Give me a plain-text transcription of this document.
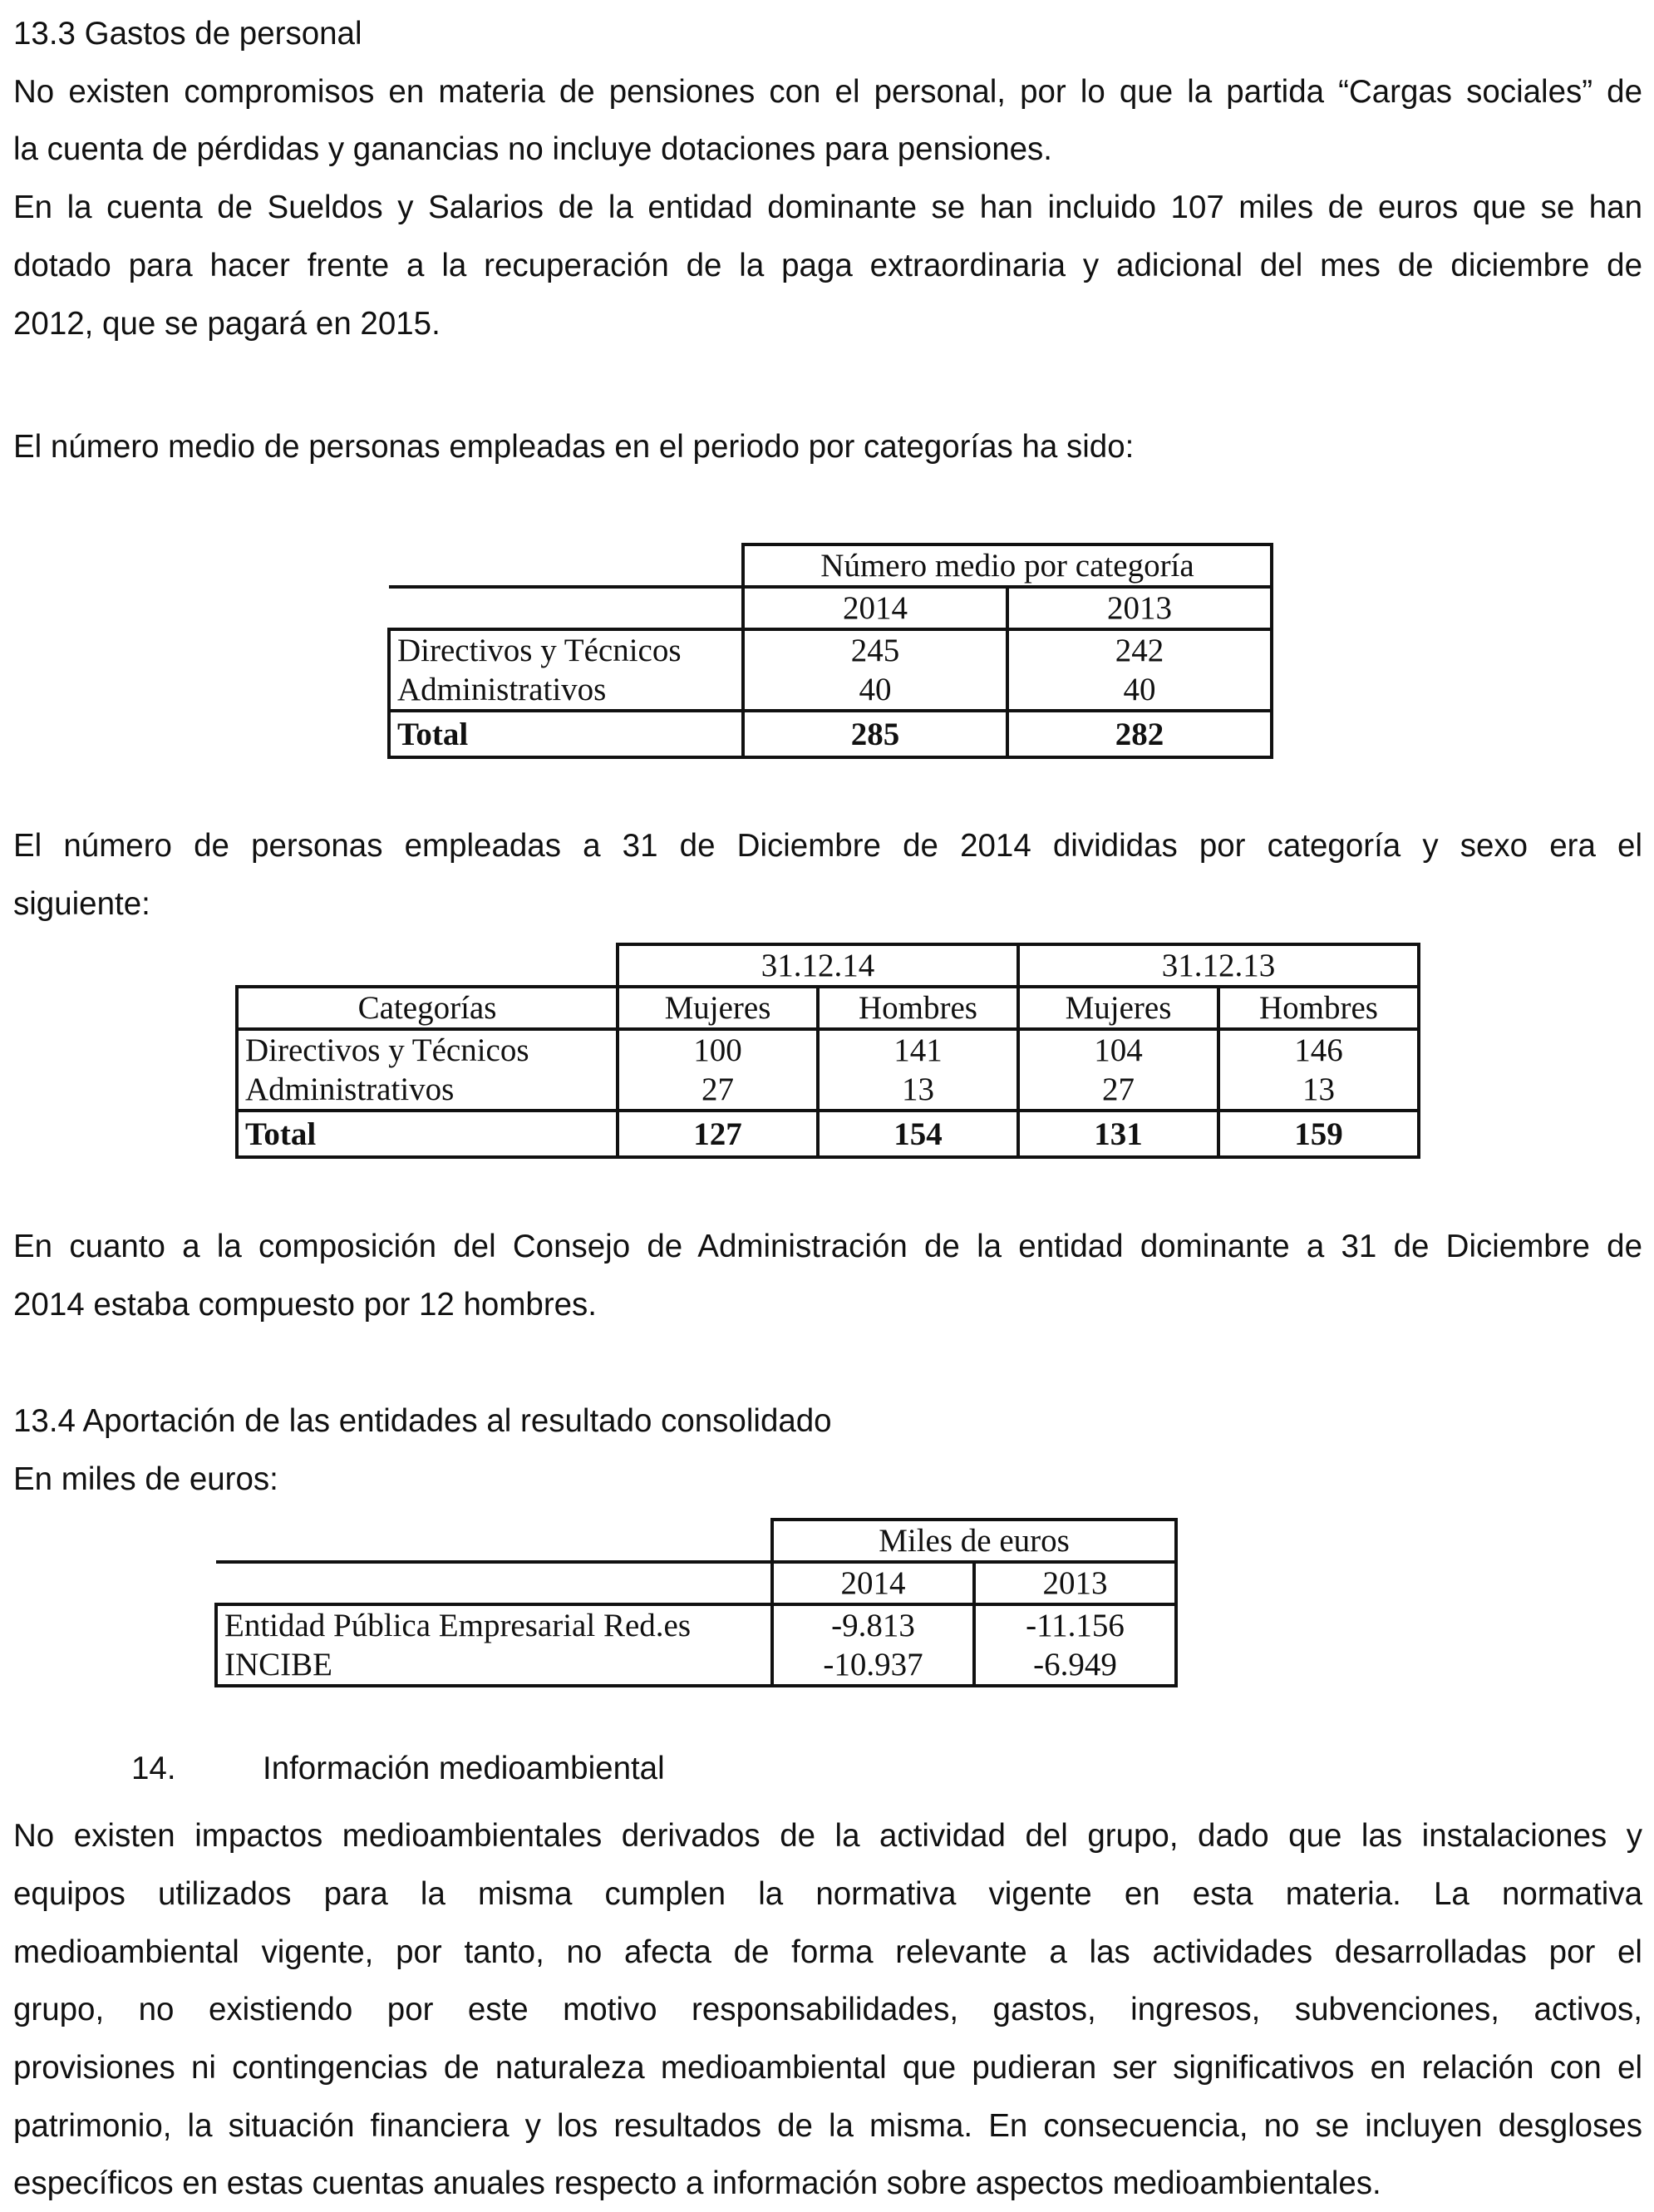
13.3 Gastos de personal
No existen compromisos en materia de pensiones con el personal, por lo que la partida “Cargas sociales” de
la cuenta de pérdidas y ganancias no incluye dotaciones para pensiones.
En la cuenta de Sueldos y Salarios de la entidad dominante se han incluido 107 miles de euros que se han
dotado para hacer frente a la recuperación de la paga extraordinaria y adicional del mes de diciembre de
2012, que se pagará en 2015.
El número medio de personas empleadas en el periodo por categorías ha sido:
	Número medio por categoría	
	2014	2013
Directivos y Técnicos	245	242
Administrativos	40	40
Total	285	282
El número de personas empleadas a 31 de Diciembre de 2014 divididas por categoría y sexo era el
siguiente:
	31.12.14		31.12.13	
Categorías	Mujeres	Hombres	Mujeres	Hombres
Directivos y Técnicos	100	141	104	146
Administrativos	27	13	27	13
Total	127	154	131	159
En cuanto a la composición del Consejo de Administración de la entidad dominante a 31 de Diciembre de
2014 estaba compuesto por 12 hombres.
13.4 Aportación de las entidades al resultado consolidado
En miles de euros:
	Miles de euros	
	2014	2013
Entidad Pública Empresarial Red.es	-9.813	-11.156
INCIBE	-10.937	-6.949
14.	Información medioambiental
No existen impactos medioambientales derivados de la actividad del grupo, dado que las instalaciones y
equipos utilizados para la misma cumplen la normativa vigente en esta materia. La normativa
medioambiental vigente, por tanto, no afecta de forma relevante a las actividades desarrolladas por el
grupo, no existiendo por este motivo responsabilidades, gastos, ingresos, subvenciones, activos,
provisiones ni contingencias de naturaleza medioambiental que pudieran ser significativos en relación con el
patrimonio, la situación financiera y los resultados de la misma. En consecuencia, no se incluyen desgloses
específicos en estas cuentas anuales respecto a información sobre aspectos medioambientales.
